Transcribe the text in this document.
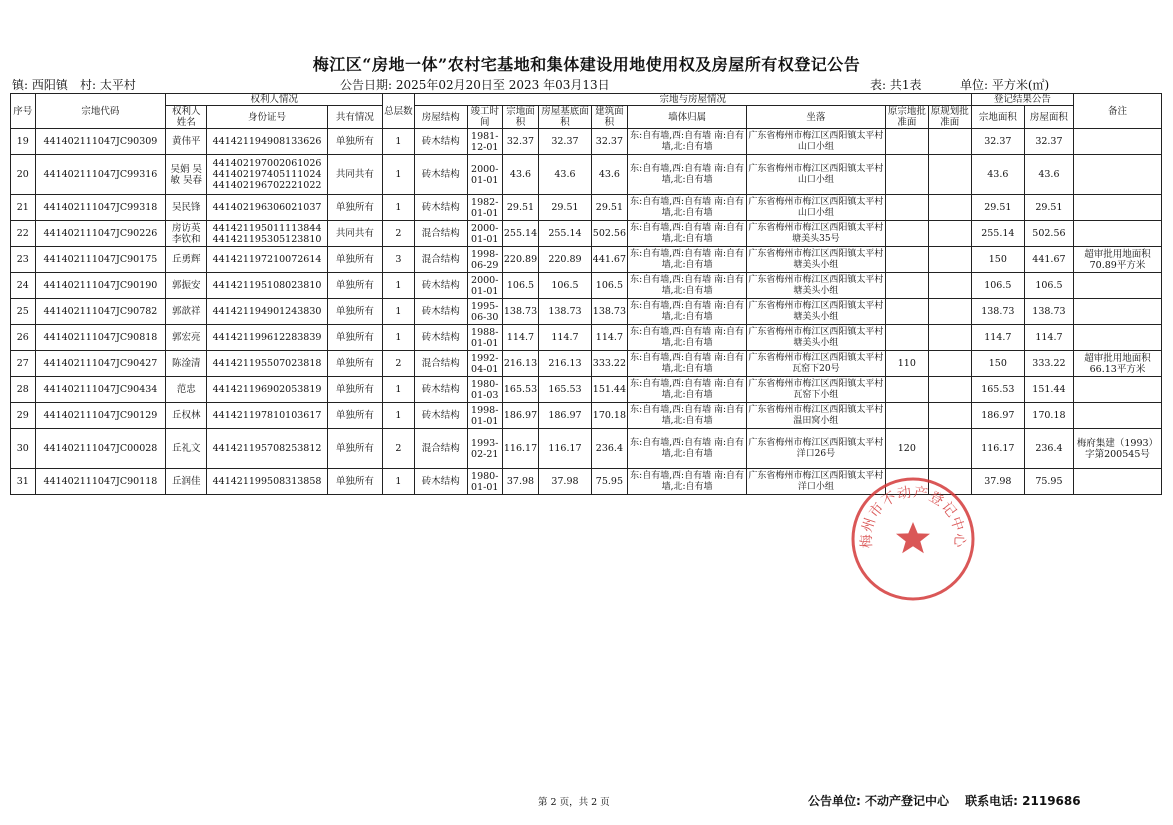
梅江区“房地一体”农村宅基地和集体建设用地使用权及房屋所有权登记公告
镇: 西阳镇 村: 太平村	公告日期: 2025年02月20日至 2023 年03月13日	表: 共1表	单位: 平方米(㎡)
序号	宗地代码	权利人情况			总层数	宗地与房屋情况									登记结果公告		备注
		权利人姓名	身份证号	共有情况		房屋结构	竣工时间	宗地面积	房屋基底面积	建筑面积	墙体归属	坐落	原宗地批准面	原规划批准面	宗地面积	房屋面积	
19	441402111047JC90309	黄伟平	441421194908133626	单独所有	1	砖木结构	1981-12-01	32.37	32.37	32.37	东:自有墙,西:自有墙 南:自有墙,北:自有墙	广东省梅州市梅江区西阳镇太平村山口小组			32.37	32.37	
20	441402111047JC99316	吴娟 吴敏 吴春	441402197002061026 441402197405111024 441402196702221022	共同共有	1	砖木结构	2000-01-01	43.6	43.6	43.6	东:自有墙,西:自有墙 南:自有墙,北:自有墙	广东省梅州市梅江区西阳镇太平村山口小组			43.6	43.6	
21	441402111047JC99318	吴民锋	441402196306021037	单独所有	1	砖木结构	1982-01-01	29.51	29.51	29.51	东:自有墙,西:自有墙 南:自有墙,北:自有墙	广东省梅州市梅江区西阳镇太平村山口小组			29.51	29.51	
22	441402111047JC90226	房访英 李钦和	441421195011113844 441421195305123810	共同共有	2	混合结构	2000-01-01	255.14	255.14	502.56	东:自有墙,西:自有墙 南:自有墙,北:自有墙	广东省梅州市梅江区西阳镇太平村塘美头35号			255.14	502.56	
23	441402111047JC90175	丘勇辉	441421197210072614	单独所有	3	混合结构	1998-06-29	220.89	220.89	441.67	东:自有墙,西:自有墙 南:自有墙,北:自有墙	广东省梅州市梅江区西阳镇太平村塘美头小组			150	441.67	超审批用地面积70.89平方米
24	441402111047JC90190	郭振安	441421195108023810	单独所有	1	砖木结构	2000-01-01	106.5	106.5	106.5	东:自有墙,西:自有墙 南:自有墙,北:自有墙	广东省梅州市梅江区西阳镇太平村塘美头小组			106.5	106.5	
25	441402111047JC90782	郭歆祥	441421194901243830	单独所有	1	砖木结构	1995-06-30	138.73	138.73	138.73	东:自有墙,西:自有墙 南:自有墙,北:自有墙	广东省梅州市梅江区西阳镇太平村塘美头小组			138.73	138.73	
26	441402111047JC90818	郭宏亮	441421199612283839	单独所有	1	砖木结构	1988-01-01	114.7	114.7	114.7	东:自有墙,西:自有墙 南:自有墙,北:自有墙	广东省梅州市梅江区西阳镇太平村塘美头小组			114.7	114.7	
27	441402111047JC90427	陈淦清	441421195507023818	单独所有	2	混合结构	1992-04-01	216.13	216.13	333.22	东:自有墙,西:自有墙 南:自有墙,北:自有墙	广东省梅州市梅江区西阳镇太平村瓦窑下20号	110		150	333.22	超审批用地面积66.13平方米
28	441402111047JC90434	范忠	441421196902053819	单独所有	1	砖木结构	1980-01-03	165.53	165.53	151.44	东:自有墙,西:自有墙 南:自有墙,北:自有墙	广东省梅州市梅江区西阳镇太平村瓦窑下小组			165.53	151.44	
29	441402111047JC90129	丘权林	441421197810103617	单独所有	1	砖木结构	1998-01-01	186.97	186.97	170.18	东:自有墙,西:自有墙 南:自有墙,北:自有墙	广东省梅州市梅江区西阳镇太平村温田窝小组			186.97	170.18	
30	441402111047JC00028	丘礼文	441421195708253812	单独所有	2	混合结构	1993-02-21	116.17	116.17	236.4	东:自有墙,西:自有墙 南:自有墙,北:自有墙	广东省梅州市梅江区西阳镇太平村洋口26号	120		116.17	236.4	梅府集建（1993）字第200545号
31	441402111047JC90118	丘润佳	441421199508313858	单独所有	1	砖木结构	1980-01-01	37.98	37.98	75.95	东:自有墙,西:自有墙 南:自有墙,北:自有墙	广东省梅州市梅江区西阳镇太平村洋口小组			37.98	75.95	
梅州市不动产登记中心
第 2 页，共 2 页	公告单位: 不动产登记中心 联系电话: 2119686
